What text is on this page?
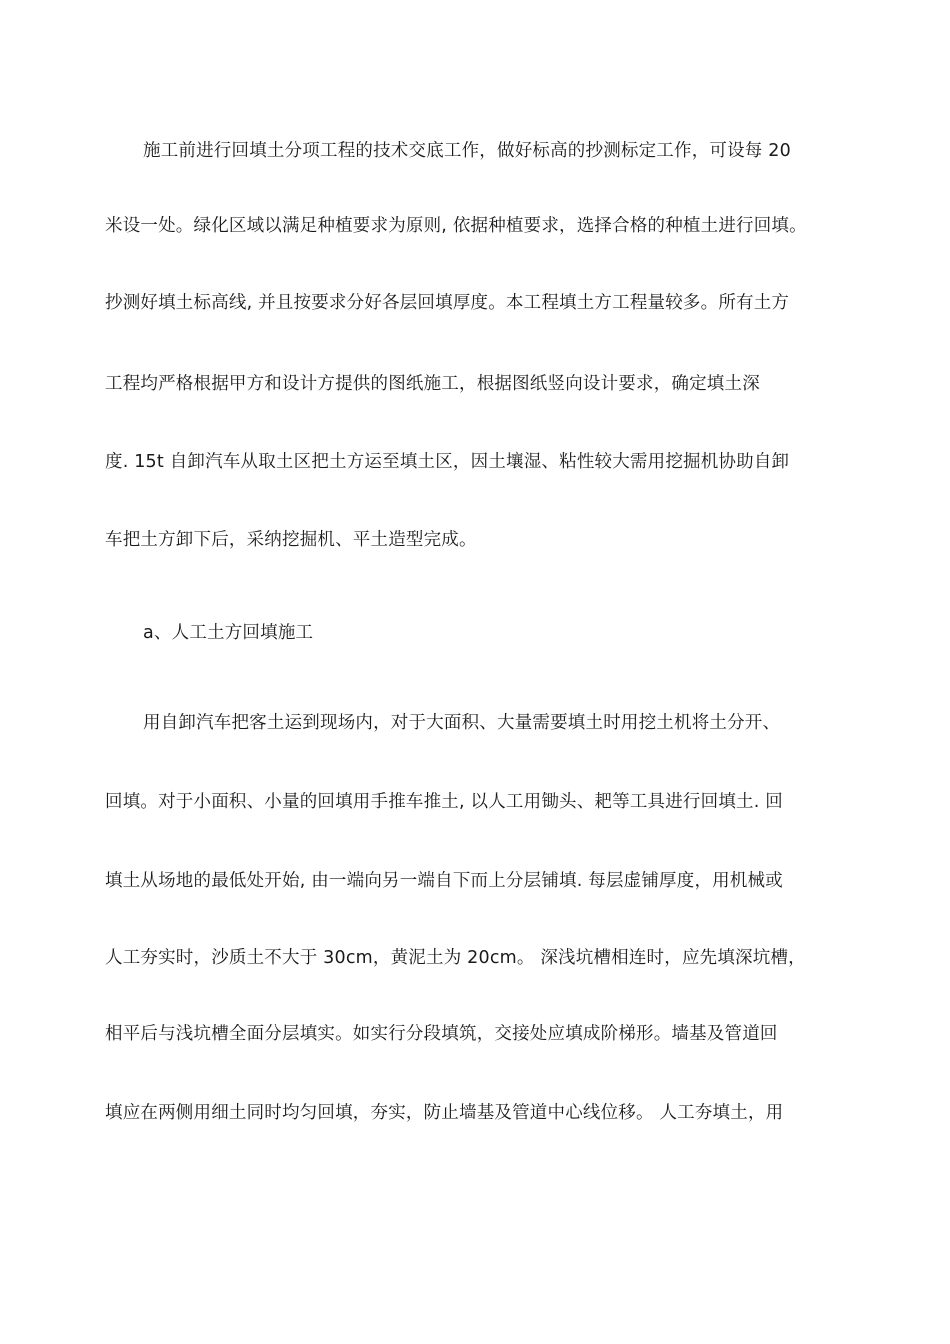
施工前进行回填土分项工程的技术交底工作，做好标高的抄测标定工作，可设每 20
米设一处。绿化区域以满足种植要求为原则, 依据种植要求，选择合格的种植土进行回填。
抄测好填土标高线, 并且按要求分好各层回填厚度。本工程填土方工程量较多。所有土方
工程均严格根据甲方和设计方提供的图纸施工，根据图纸竖向设计要求，确定填土深
度. 15t 自卸汽车从取土区把土方运至填土区，因土壤湿、粘性较大需用挖掘机协助自卸
车把土方卸下后，采纳挖掘机、平土造型完成。
a、人工土方回填施工
用自卸汽车把客土运到现场内，对于大面积、大量需要填土时用挖土机将土分开、
回填。对于小面积、小量的回填用手推车推土, 以人工用锄头、耙等工具进行回填土. 回
填土从场地的最低处开始, 由一端向另一端自下而上分层铺填. 每层虚铺厚度，用机械或
人工夯实时，沙质土不大于 30cm，黄泥土为 20cm。 深浅坑槽相连时，应先填深坑槽，
相平后与浅坑槽全面分层填实。如实行分段填筑，交接处应填成阶梯形。墙基及管道回
填应在两侧用细土同时均匀回填，夯实，防止墙基及管道中心线位移。 人工夯填土，用
